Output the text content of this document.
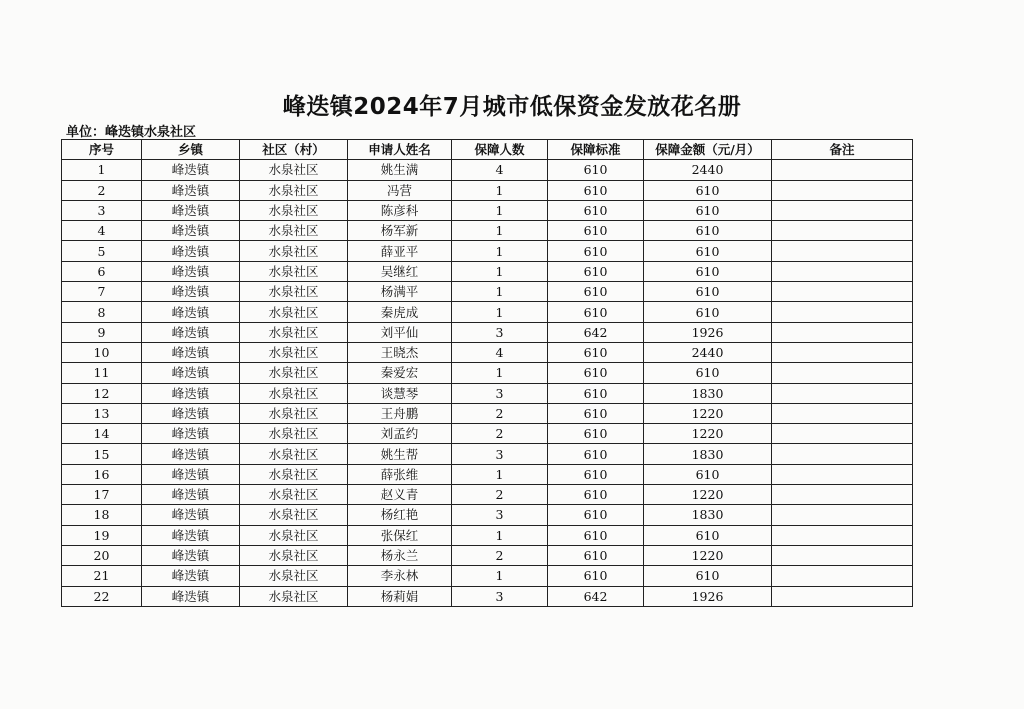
峰迭镇2024年7月城市低保资金发放花名册
单位：峰迭镇水泉社区
序号	乡镇	社区（村）	申请人姓名	保障人数	保障标准	保障金额（元/月）	备注
1	峰迭镇	水泉社区	姚生满	4	610	2440	
2	峰迭镇	水泉社区	冯营	1	610	610	
3	峰迭镇	水泉社区	陈彦科	1	610	610	
4	峰迭镇	水泉社区	杨军新	1	610	610	
5	峰迭镇	水泉社区	薛亚平	1	610	610	
6	峰迭镇	水泉社区	吴继红	1	610	610	
7	峰迭镇	水泉社区	杨满平	1	610	610	
8	峰迭镇	水泉社区	秦虎成	1	610	610	
9	峰迭镇	水泉社区	刘平仙	3	642	1926	
10	峰迭镇	水泉社区	王晓杰	4	610	2440	
11	峰迭镇	水泉社区	秦爱宏	1	610	610	
12	峰迭镇	水泉社区	谈慧琴	3	610	1830	
13	峰迭镇	水泉社区	王舟鹏	2	610	1220	
14	峰迭镇	水泉社区	刘孟约	2	610	1220	
15	峰迭镇	水泉社区	姚生帮	3	610	1830	
16	峰迭镇	水泉社区	薛张维	1	610	610	
17	峰迭镇	水泉社区	赵义青	2	610	1220	
18	峰迭镇	水泉社区	杨红艳	3	610	1830	
19	峰迭镇	水泉社区	张保红	1	610	610	
20	峰迭镇	水泉社区	杨永兰	2	610	1220	
21	峰迭镇	水泉社区	李永林	1	610	610	
22	峰迭镇	水泉社区	杨莉娟	3	642	1926	
